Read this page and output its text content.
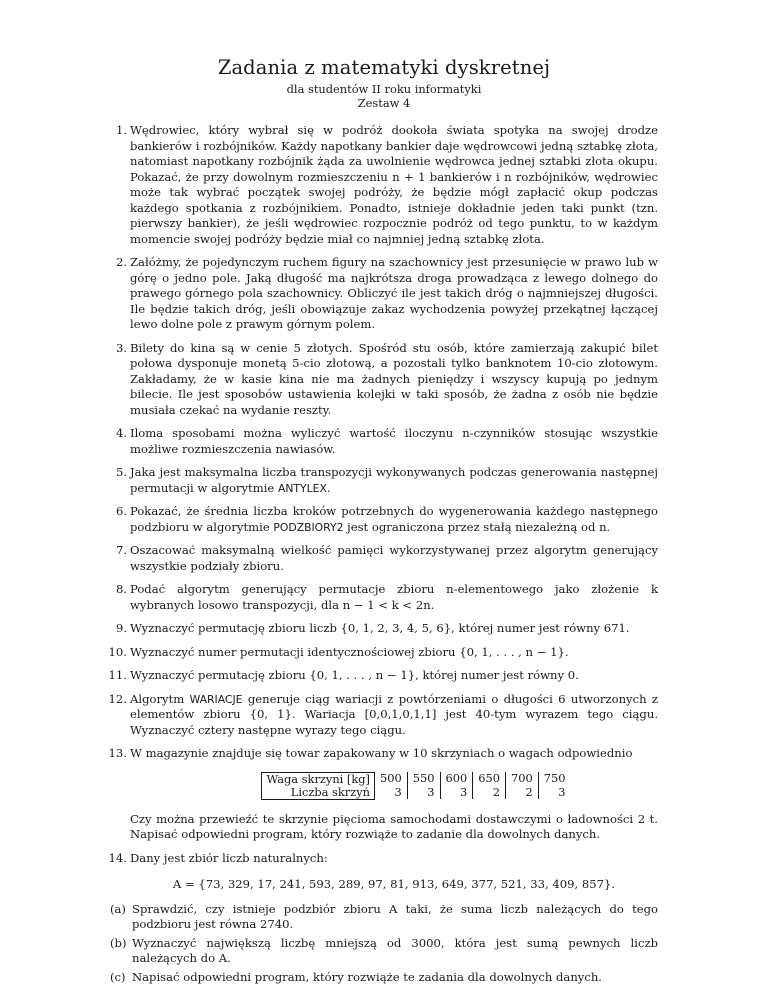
Zadania z matematyki dyskretnej
dla studentów II roku informatyki
Zestaw 4
1. Wędrowiec, który wybrał się w podróż dookoła świata spotyka na swojej drodze bankierów i rozbójników. Każdy napotkany bankier daje wędrowcowi jedną sztabkę złota, natomiast napotkany rozbójnik żąda za uwolnienie wędrowca jednej sztabki złota okupu. Pokazać, że przy dowolnym rozmieszczeniu n + 1 bankierów i n rozbójników, wędrowiec może tak wybrać początek swojej podróży, że będzie mógł zapłacić okup podczas każdego spotkania z rozbójnikiem. Ponadto, istnieje dokładnie jeden taki punkt (tzn. pierwszy bankier), że jeśli wędrowiec rozpocznie podróż od tego punktu, to w każdym momencie swojej podróży będzie miał co najmniej jedną sztabkę złota.
2. Załóżmy, że pojedynczym ruchem figury na szachownicy jest przesunięcie w prawo lub w górę o jedno pole. Jaką długość ma najkrótsza droga prowadząca z lewego dolnego do prawego górnego pola szachownicy. Obliczyć ile jest takich dróg o najmniejszej długości. Ile będzie takich dróg, jeśli obowiązuje zakaz wychodzenia powyżej przekątnej łączącej lewo dolne pole z prawym górnym polem.
3. Bilety do kina są w cenie 5 złotych. Spośród stu osób, które zamierzają zakupić bilet połowa dysponuje monetą 5-cio złotową, a pozostali tylko banknotem 10-cio złotowym. Zakładamy, że w kasie kina nie ma żadnych pieniędzy i wszyscy kupują po jednym bilecie. Ile jest sposobów ustawienia kolejki w taki sposób, że żadna z osób nie będzie musiała czekać na wydanie reszty.
4. Iloma sposobami można wyliczyć wartość iloczynu n-czynników stosując wszystkie możliwe rozmieszczenia nawiasów.
5. Jaka jest maksymalna liczba transpozycji wykonywanych podczas generowania następnej permutacji w algorytmie ANTYLEX.
6. Pokazać, że średnia liczba kroków potrzebnych do wygenerowania każdego następnego podzbioru w algorytmie PODZBIORY2 jest ograniczona przez stałą niezależną od n.
7. Oszacować maksymalną wielkość pamięci wykorzystywanej przez algorytm generujący wszystkie podziały zbioru.
8. Podać algorytm generujący permutacje zbioru n-elementowego jako złożenie k wybranych losowo transpozycji, dla n − 1 < k < 2n.
9. Wyznaczyć permutację zbioru liczb {0, 1, 2, 3, 4, 5, 6}, której numer jest równy 671.
10. Wyznaczyć numer permutacji identycznościowej zbioru {0, 1, . . . , n − 1}.
11. Wyznaczyć permutację zbioru {0, 1, . . . , n − 1}, której numer jest równy 0.
12. Algorytm WARIACJE generuje ciąg wariacji z powtórzeniami o długości 6 utworzonych z elementów zbioru {0, 1}. Wariacja [0,0,1,0,1,1] jest 40-tym wyrazem tego ciągu. Wyznaczyć cztery następne wyrazy tego ciągu.
13. W magazynie znajduje się towar zapakowany w 10 skrzyniach o wagach odpowiednio
Waga skrzyni [kg]	500	550	600	650	700	750
Liczba skrzyń	3	3	3	2	2	3
Czy można przewieźć te skrzynie pięcioma samochodami dostawczymi o ładowności 2 t. Napisać odpowiedni program, który rozwiąże to zadanie dla dowolnych danych.
14. Dany jest zbiór liczb naturalnych:
A = {73, 329, 17, 241, 593, 289, 97, 81, 913, 649, 377, 521, 33, 409, 857}.
(a) Sprawdzić, czy istnieje podzbiór zbioru A taki, że suma liczb należących do tego podzbioru jest równa 2740.
(b) Wyznaczyć największą liczbę mniejszą od 3000, która jest sumą pewnych liczb należących do A.
(c) Napisać odpowiedni program, który rozwiąże te zadania dla dowolnych danych.
